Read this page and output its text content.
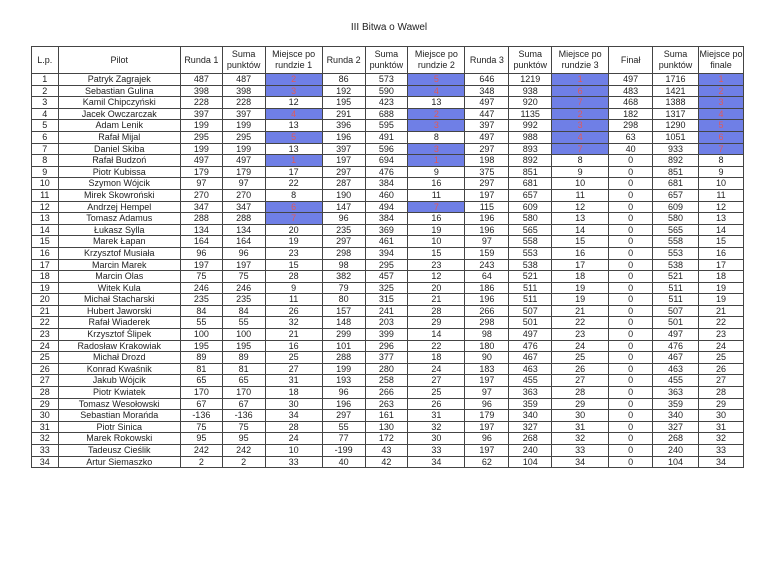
III Bitwa o Wawel
L.p.	Pilot	Runda 1	Suma punktów	Miejsce po rundzie 1	Runda 2	Suma punktów	Miejsce po rundzie 2	Runda 3	Suma punktów	Miejsce po rundzie 3	Finał	Suma punktów	Miejsce po finale
1	Patryk Zagrajek	487	487	2	86	573	5	646	1219	1	497	1716	1
2	Sebastian Gulina	398	398	3	192	590	4	348	938	6	483	1421	2
3	Kamil Chipczyński	228	228	12	195	423	13	497	920	7	468	1388	3
4	Jacek Owczarczak	397	397	4	291	688	2	447	1135	2	182	1317	4
5	Adam Lenik	199	199	13	396	595	3	397	992	3	298	1290	5
6	Rafał Mijal	295	295	5	196	491	8	497	988	4	63	1051	6
7	Daniel Skiba	199	199	13	397	596	3	297	893	7	40	933	7
8	Rafał Budzoń	497	497	1	197	694	1	198	892	8	0	892	8
9	Piotr Kubissa	179	179	17	297	476	9	375	851	9	0	851	9
10	Szymon Wójcik	97	97	22	287	384	16	297	681	10	0	681	10
11	Mirek Skowroński	270	270	8	190	460	11	197	657	11	0	657	11
12	Andrzej Hempel	347	347	6	147	494	7	115	609	12	0	609	12
13	Tomasz Adamus	288	288	7	96	384	16	196	580	13	0	580	13
14	Łukasz Sylla	134	134	20	235	369	19	196	565	14	0	565	14
15	Marek Łapan	164	164	19	297	461	10	97	558	15	0	558	15
16	Krzysztof Musiała	96	96	23	298	394	15	159	553	16	0	553	16
17	Marcin Marek	197	197	15	98	295	23	243	538	17	0	538	17
18	Marcin Olas	75	75	28	382	457	12	64	521	18	0	521	18
19	Witek Kula	246	246	9	79	325	20	186	511	19	0	511	19
20	Michał Stacharski	235	235	11	80	315	21	196	511	19	0	511	19
21	Hubert Jaworski	84	84	26	157	241	28	266	507	21	0	507	21
22	Rafał Wiaderek	55	55	32	148	203	29	298	501	22	0	501	22
23	Krzysztof Ślipek	100	100	21	299	399	14	98	497	23	0	497	23
24	Radosław Krakowiak	195	195	16	101	296	22	180	476	24	0	476	24
25	Michał Drozd	89	89	25	288	377	18	90	467	25	0	467	25
26	Konrad Kwaśnik	81	81	27	199	280	24	183	463	26	0	463	26
27	Jakub Wójcik	65	65	31	193	258	27	197	455	27	0	455	27
28	Piotr Kwiatek	170	170	18	96	266	25	97	363	28	0	363	28
29	Tomasz Wesołowski	67	67	30	196	263	26	96	359	29	0	359	29
30	Sebastian Morańda	-136	-136	34	297	161	31	179	340	30	0	340	30
31	Piotr Sinica	75	75	28	55	130	32	197	327	31	0	327	31
32	Marek Rokowski	95	95	24	77	172	30	96	268	32	0	268	32
33	Tadeusz Cieślik	242	242	10	-199	43	33	197	240	33	0	240	33
34	Artur Siemaszko	2	2	33	40	42	34	62	104	34	0	104	34
